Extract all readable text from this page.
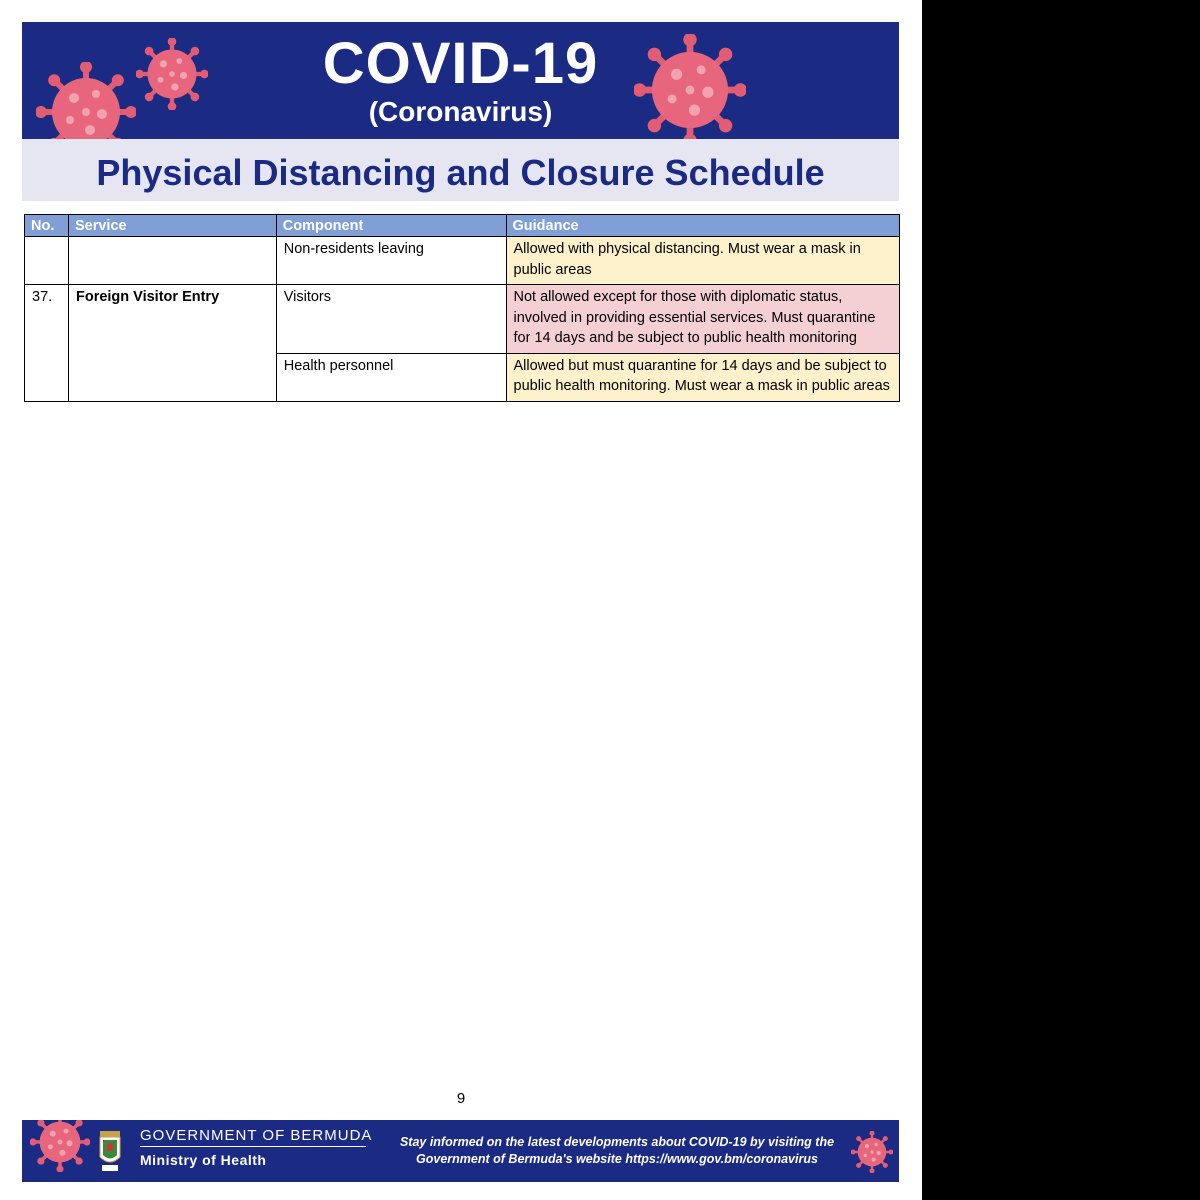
COVID-19
(Coronavirus)
Physical Distancing and Closure Schedule
No.	Service	Component	Guidance
		Non-residents leaving	Allowed with physical distancing. Must wear a mask in public areas
37.	Foreign Visitor Entry	Visitors	Not allowed except for those with diplomatic status, involved in providing essential services. Must quarantine for 14 days and be subject to public health monitoring
		Health personnel	Allowed but must quarantine for 14 days and be subject to public health monitoring. Must wear a mask in public areas
9
GOVERNMENT OF BERMUDA
Ministry of Health
Stay informed on the latest developments about COVID-19 by visiting the
Government of Bermuda's website https://www.gov.bm/coronavirus
